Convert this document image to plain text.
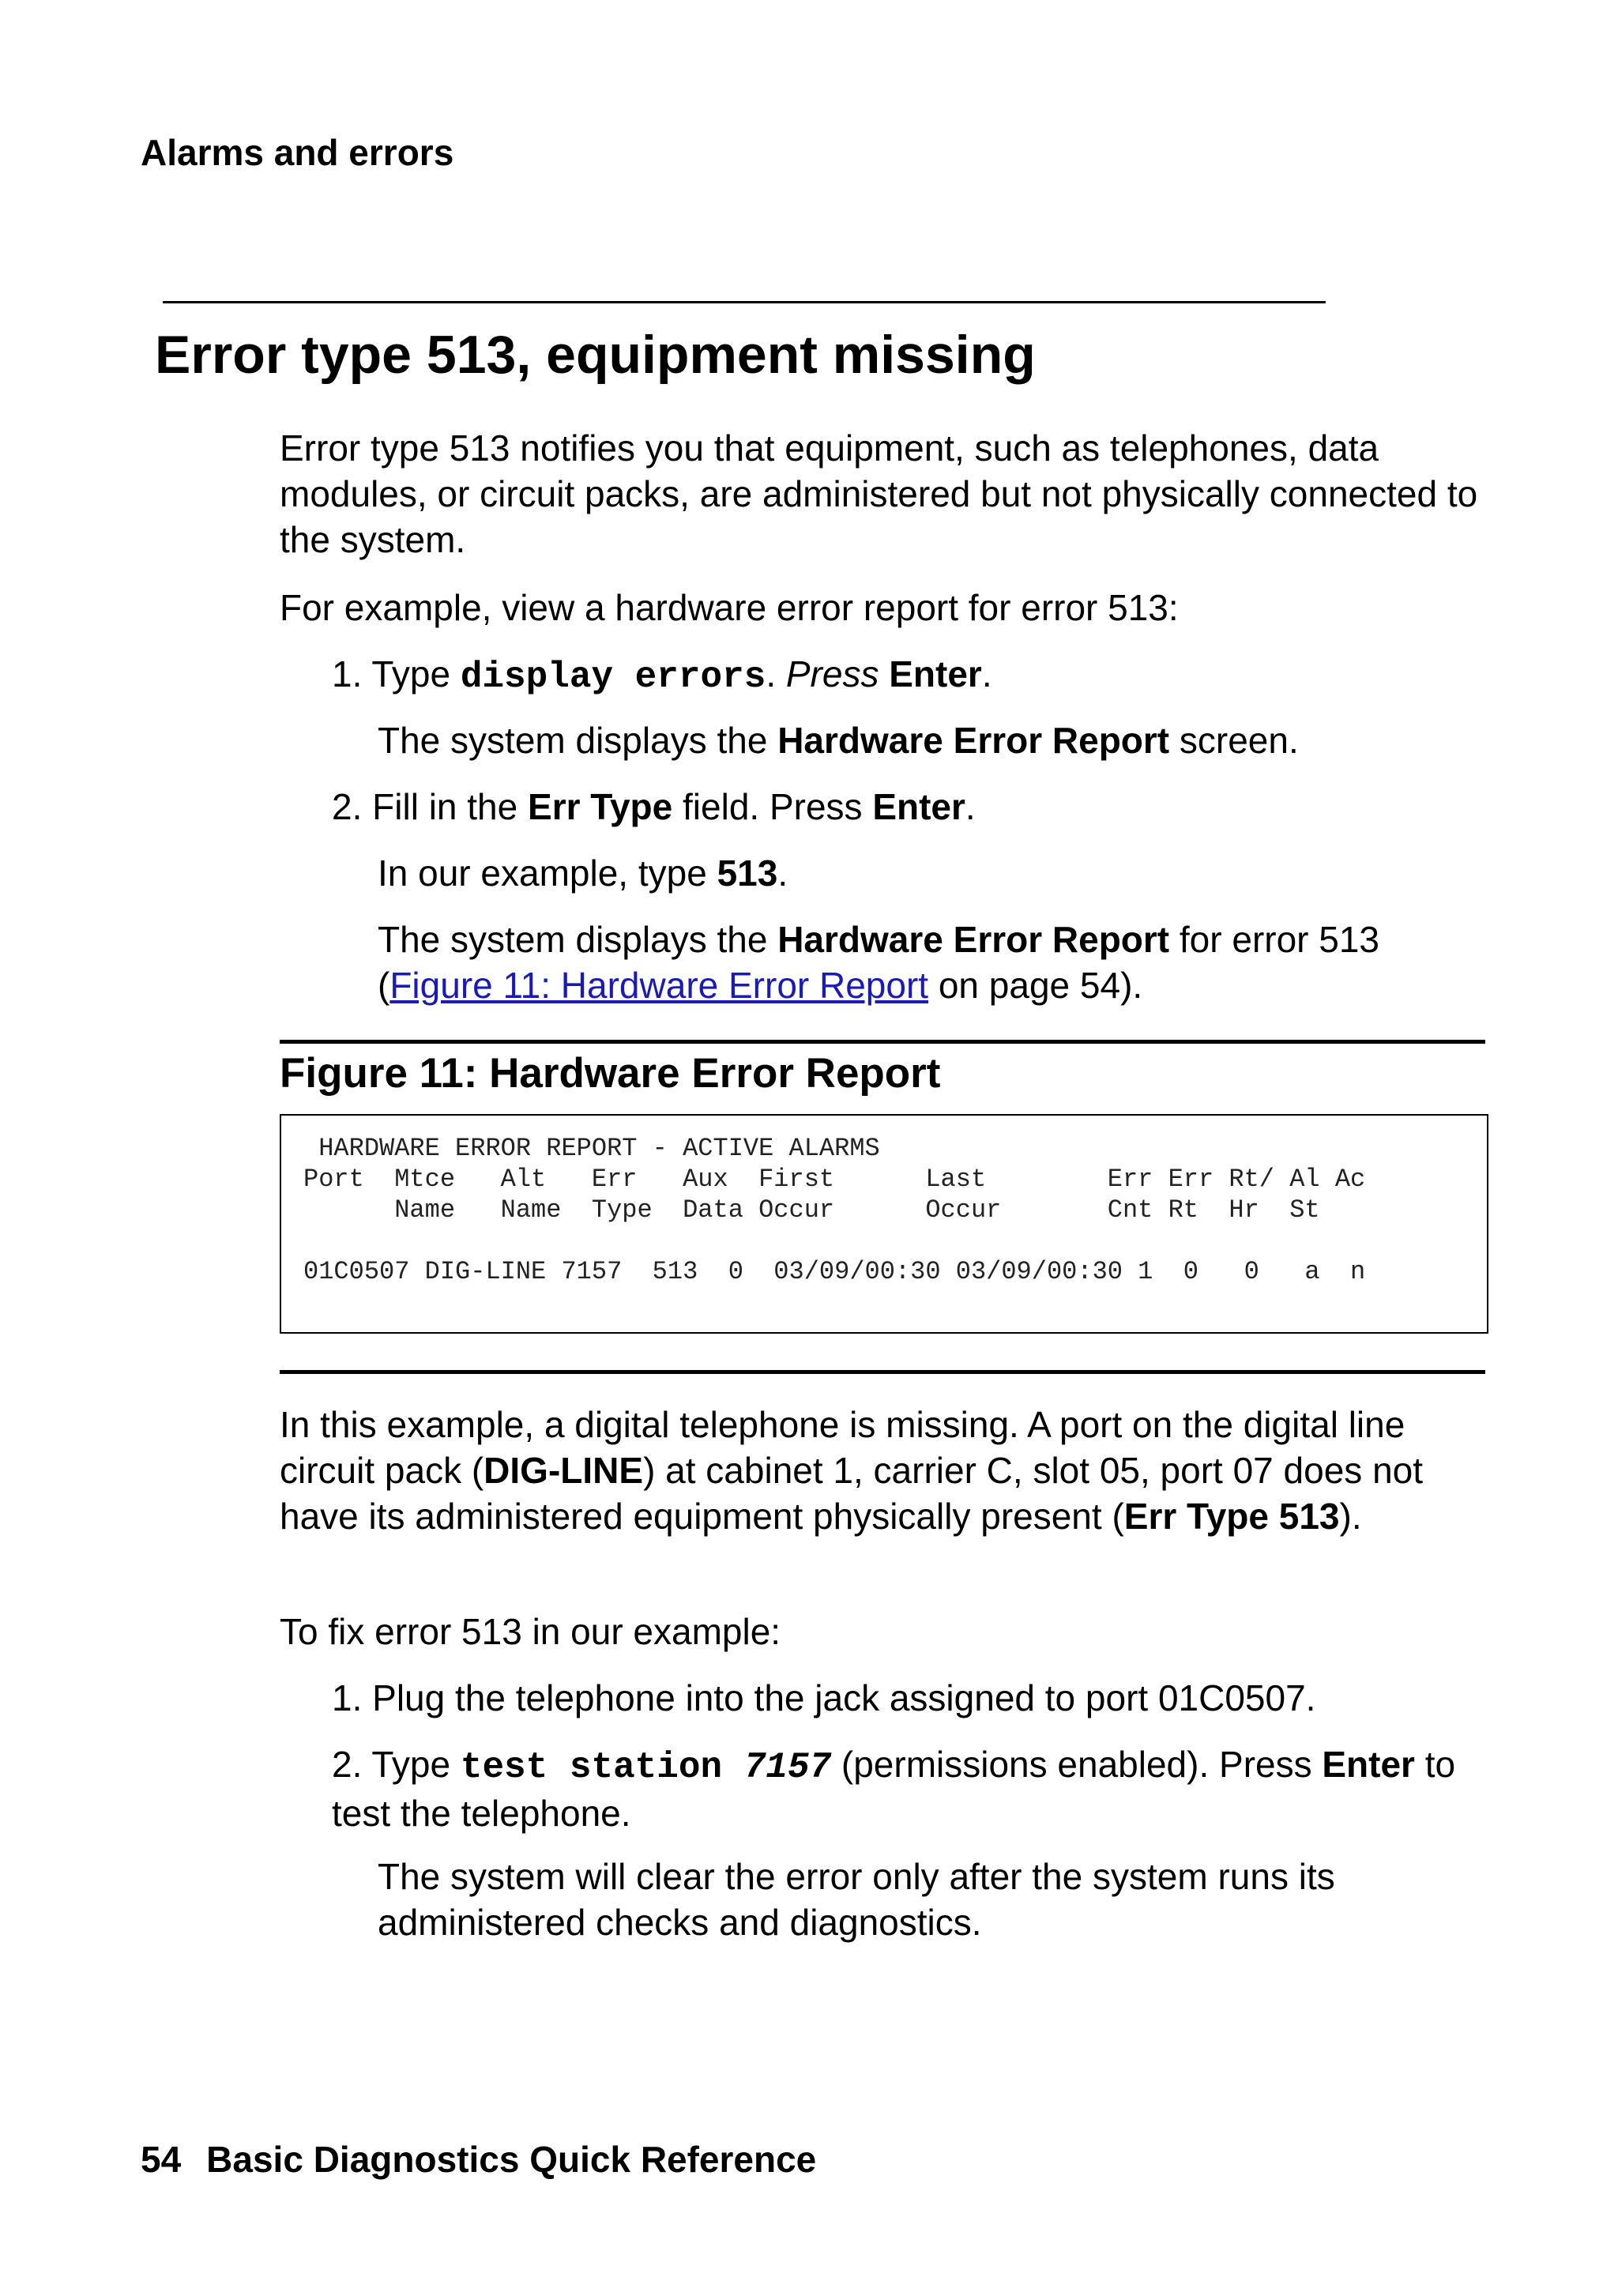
Alarms and errors
Error type 513, equipment missing
Error type 513 notifies you that equipment, such as telephones, data modules, or circuit packs, are administered but not physically connected to the system.
For example, view a hardware error report for error 513:
1. Type display errors. Press Enter.
The system displays the Hardware Error Report screen.
2. Fill in the Err Type field. Press Enter.
In our example, type 513.
The system displays the Hardware Error Report for error 513 (Figure 11: Hardware Error Report on page 54).
Figure 11: Hardware Error Report
HARDWARE ERROR REPORT - ACTIVE ALARMS
Port  Mtce   Alt   Err   Aux  First      Last        Err Err Rt/ Al Ac
Name   Name  Type  Data Occur      Occur       Cnt Rt  Hr  St

01C0507 DIG-LINE 7157  513  0  03/09/00:30 03/09/00:30 1  0   0   a  n
In this example, a digital telephone is missing. A port on the digital line circuit pack (DIG-LINE) at cabinet 1, carrier C, slot 05, port 07 does not have its administered equipment physically present (Err Type 513).
To fix error 513 in our example:
1. Plug the telephone into the jack assigned to port 01C0507.
2. Type test station 7157 (permissions enabled). Press Enter to test the telephone.
The system will clear the error only after the system runs its administered checks and diagnostics.
54 Basic Diagnostics Quick Reference
